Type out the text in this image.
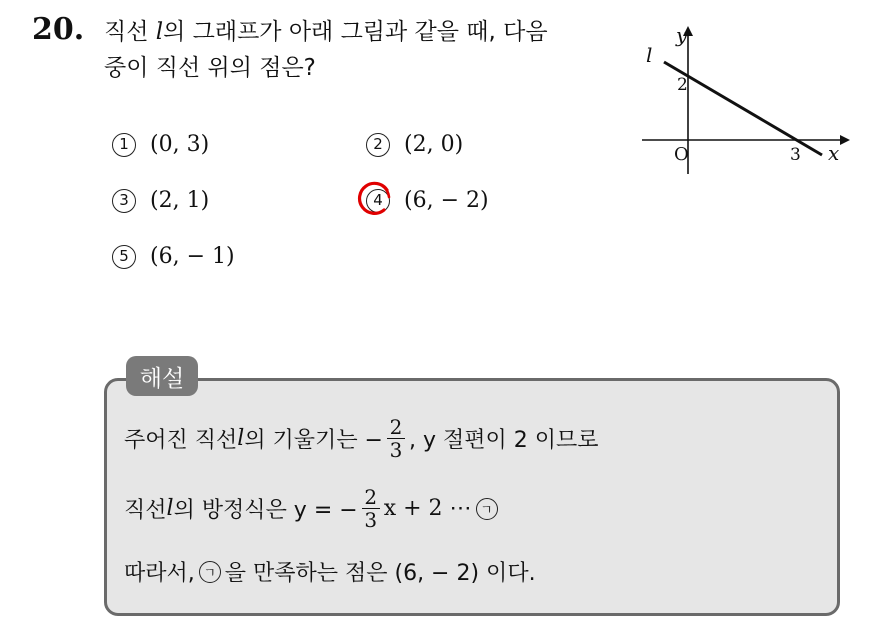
20. 직선 l의 그래프가 아래 그림과 같을 때, 다음
중이 직선 위의 점은?
1 (0, 3)	2 (2, 0)
3 (2, 1)	4 (6, − 2)
5 (6, − 1)
l
y
x
O
2
3
해설
주어진 직선 l 의 기울기는 − $\frac{2}{3}$ , y 절편이 2 이므로
직선 l 의 방정식은 y = − $\frac{2}{3}$ x + 2 ⋯ ㄱ
따라서, ㄱ 을 만족하는 점은 (6, − 2) 이다.
